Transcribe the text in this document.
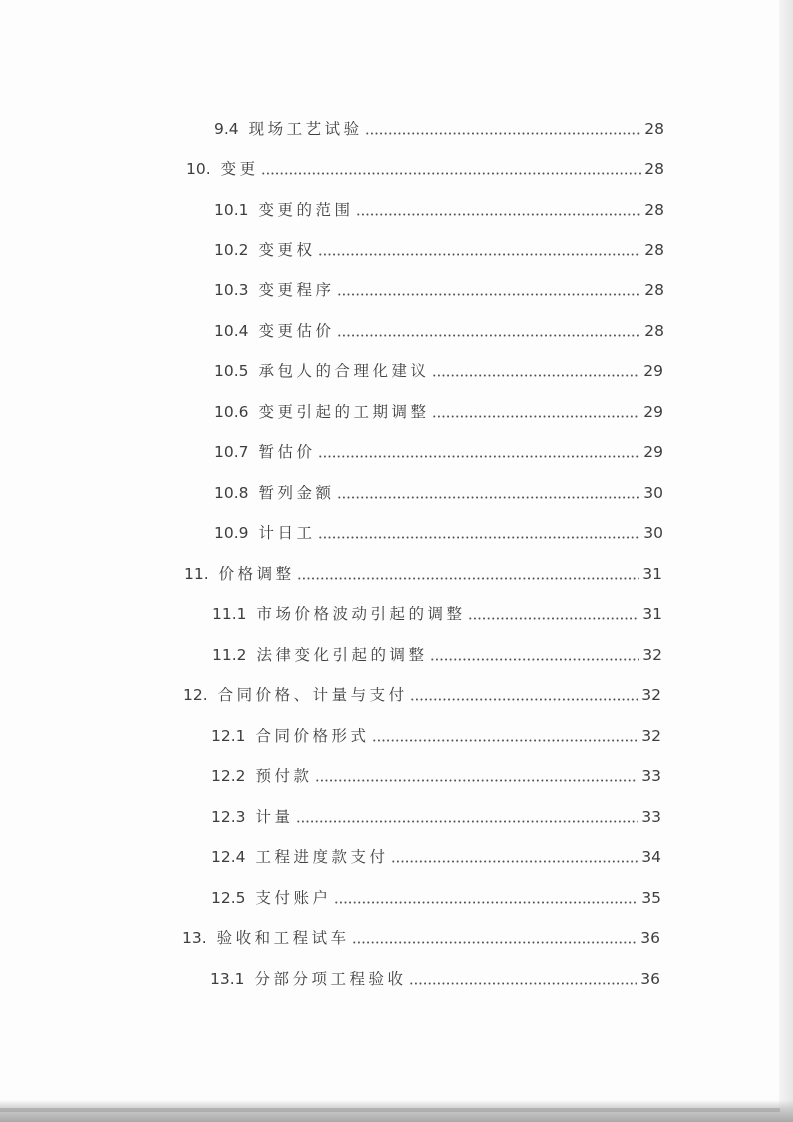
9.4 现场工艺试验	28
10. 变更	28
10.1 变更的范围	28
10.2 变更权	28
10.3 变更程序	28
10.4 变更估价	28
10.5 承包人的合理化建议	29
10.6 变更引起的工期调整	29
10.7 暂估价	29
10.8 暂列金额	30
10.9 计日工	30
11. 价格调整	31
11.1 市场价格波动引起的调整	31
11.2 法律变化引起的调整	32
12. 合同价格、计量与支付	32
12.1 合同价格形式	32
12.2 预付款	33
12.3 计量	33
12.4 工程进度款支付	34
12.5 支付账户	35
13. 验收和工程试车	36
13.1 分部分项工程验收	36
